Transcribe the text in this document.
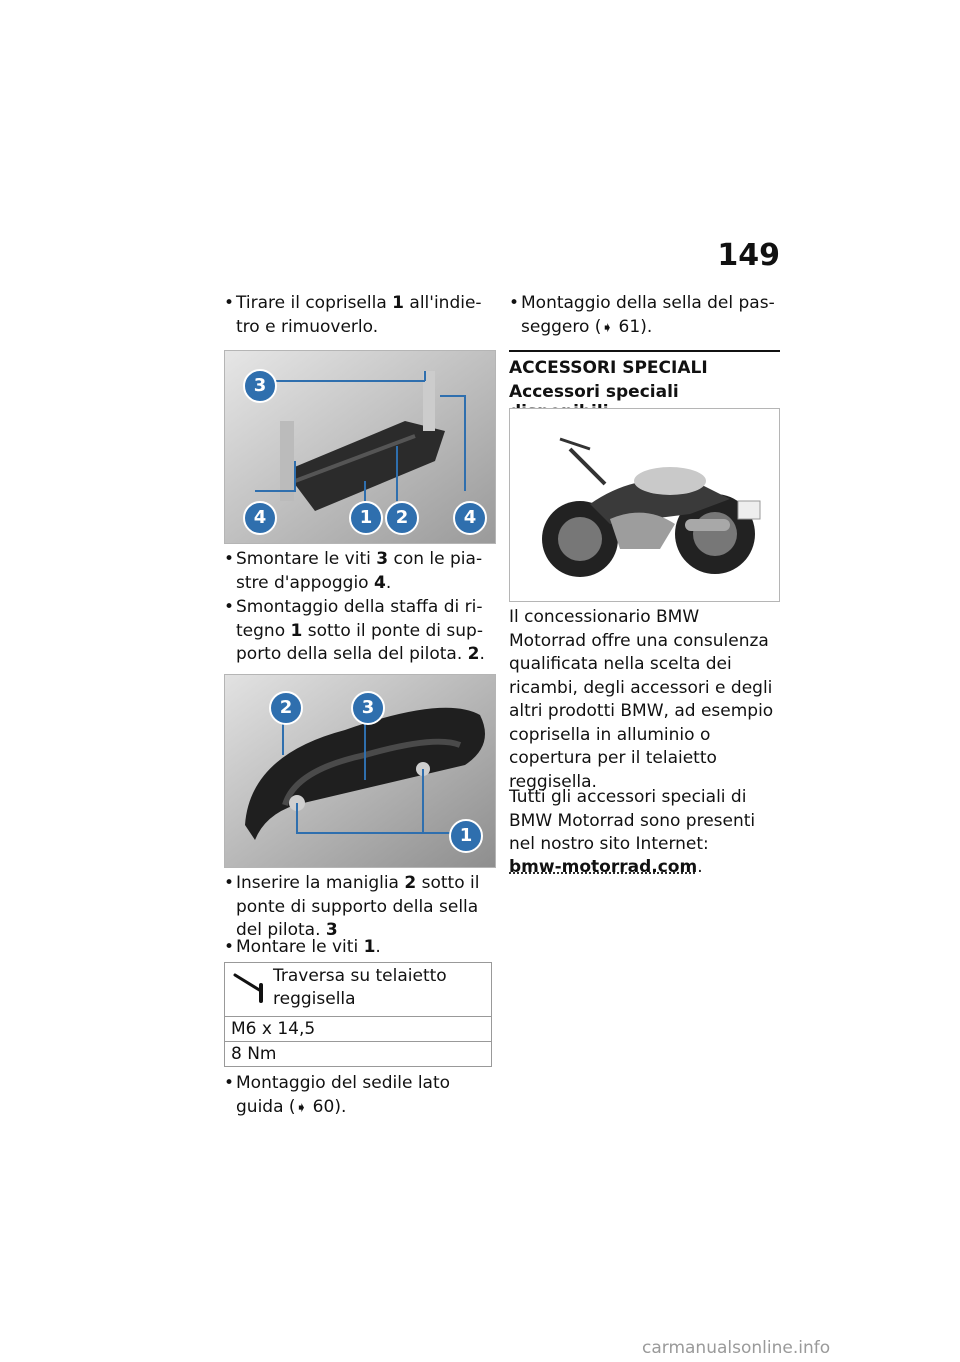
149
• Tirare il coprisella 1 all'indie-tro e rimuoverlo.
3
4	1	2	4
• Smontare le viti 3 con le pia-stre d'appoggio 4.
• Smontaggio della staffa di ri-tegno 1 sotto il ponte di sup-porto della sella del pilota. 2.
2	3
1
• Inserire la maniglia 2 sotto il ponte di supporto della sella del pilota. 3
• Montare le viti 1.
Traversa su telaietto reggisella
M6 x 14,5
8 Nm
• Montaggio del sedile lato guida (➧ 60).
• Montaggio della sella del pas-seggero (➧ 61).
ACCESSORI SPECIALI
Accessori speciali
Il concessionario BMW Motorrad offre una consulenza qualificata nella scelta dei ricambi, degli accessori e degli altri prodotti BMW, ad esempio coprisella in alluminio o copertura per il telaietto reggisella.
Tutti gli accessori speciali di BMW Motorrad sono presenti nel nostro sito Internet:
bmw-motorrad.com.
carmanualsonline.info
